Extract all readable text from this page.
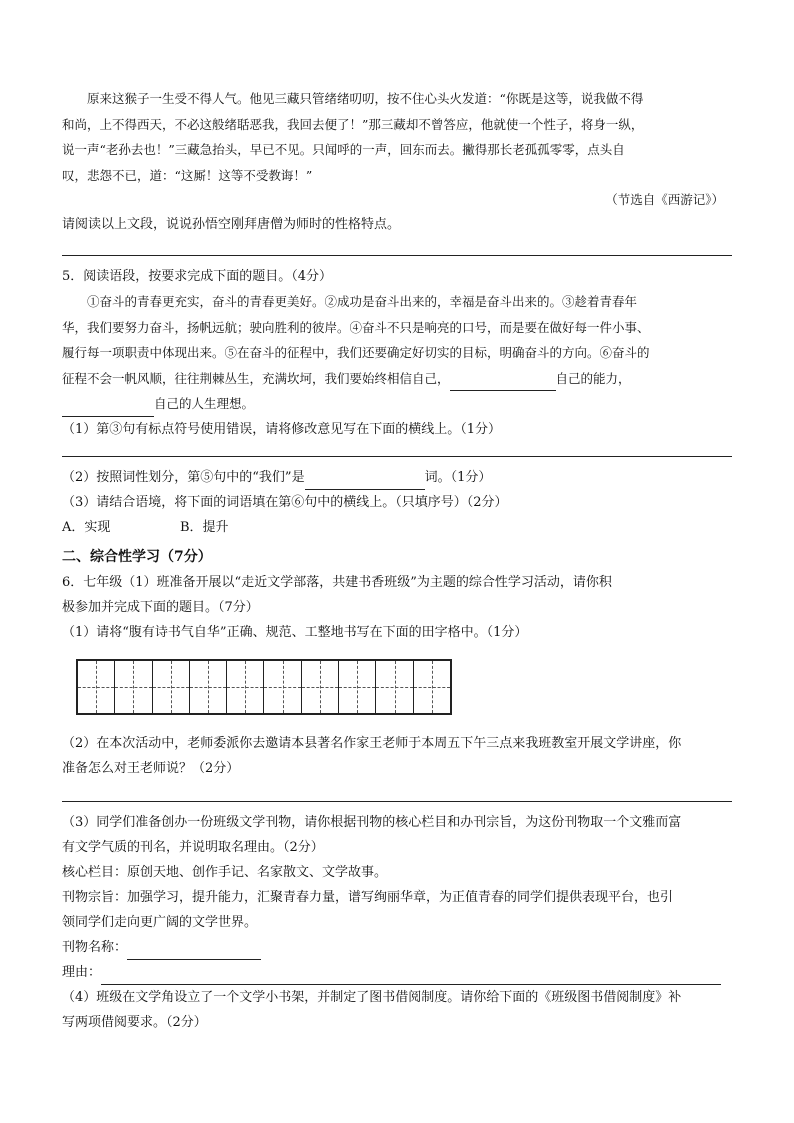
原来这猴子一生受不得人气。他见三藏只管绪绪叨叨，按不住心头火发道：“你既是这等，说我做不得
和尚，上不得西天，不必这般绪聒恶我，我回去便了！”那三藏却不曾答应，他就使一个性子，将身一纵，
说一声“老孙去也！”三藏急抬头，早已不见。只闻呼的一声，回东而去。撇得那长老孤孤零零，点头自
叹，悲怨不已，道：“这厮！这等不受教诲！”
（节选自《西游记》）
请阅读以上文段，说说孙悟空刚拜唐僧为师时的性格特点。
5．阅读语段，按要求完成下面的题目。（4分）
①奋斗的青春更充实，奋斗的青春更美好。②成功是奋斗出来的，幸福是奋斗出来的。③趁着青春年
华，我们要努力奋斗，扬帆远航；驶向胜利的彼岸。④奋斗不只是响亮的口号，而是要在做好每一件小事、
履行每一项职责中体现出来。⑤在奋斗的征程中，我们还要确定好切实的目标，明确奋斗的方向。⑥奋斗的
征程不会一帆风顺，往往荆棘丛生，充满坎坷，我们要始终相信自己，	自己的能力，
自己的人生理想。
（1）第③句有标点符号使用错误，请将修改意见写在下面的横线上。（1分）
（2）按照词性划分，第⑤句中的“我们”是	词。（1分）
（3）请结合语境，将下面的词语填在第⑥句中的横线上。（只填序号）（2分）
A．实现	B．提升
二、综合性学习（7分）
6．七年级（1）班准备开展以“走近文学部落，共建书香班级”为主题的综合性学习活动，请你积
极参加并完成下面的题目。（7分）
（1）请将“腹有诗书气自华”正确、规范、工整地书写在下面的田字格中。（1分）
（2）在本次活动中，老师委派你去邀请本县著名作家王老师于本周五下午三点来我班教室开展文学讲座，你
准备怎么对王老师说？（2分）
（3）同学们准备创办一份班级文学刊物，请你根据刊物的核心栏目和办刊宗旨，为这份刊物取一个文雅而富
有文学气质的刊名，并说明取名理由。（2分）
核心栏目：原创天地、创作手记、名家散文、文学故事。
刊物宗旨：加强学习，提升能力，汇聚青春力量，谱写绚丽华章，为正值青春的同学们提供表现平台，也引
领同学们走向更广阔的文学世界。
刊物名称：
理由：
（4）班级在文学角设立了一个文学小书架，并制定了图书借阅制度。请你给下面的《班级图书借阅制度》补
写两项借阅要求。（2分）
